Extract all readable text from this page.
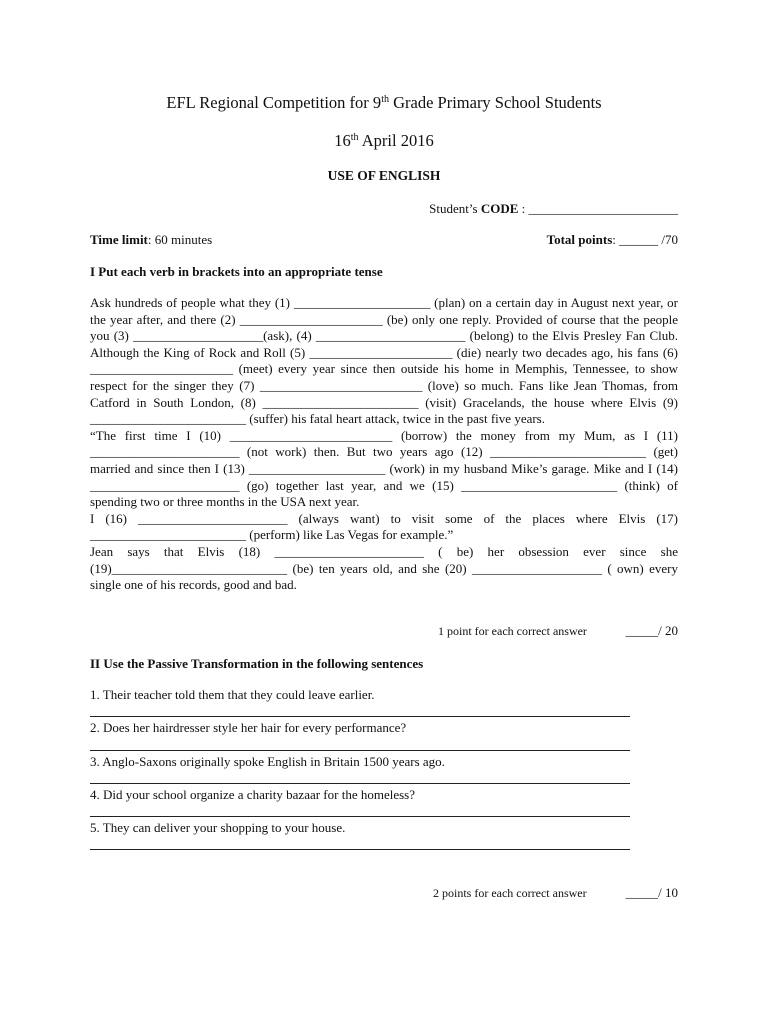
EFL Regional Competition for 9th Grade Primary School Students
16th April 2016
USE OF ENGLISH
Student’s CODE : _______________________
Time limit: 60 minutes	Total points: ______ /70
I Put each verb in brackets into an appropriate tense

Ask hundreds of people what they (1) _____________________ (plan) on a certain day in August next year, or the year after, and there (2) ______________________ (be) only one reply. Provided of course that the people you (3) ____________________(ask), (4) _______________________ (belong) to the Elvis Presley Fan Club. Although the King of Rock and Roll (5) ______________________ (die) nearly two decades ago, his fans (6) ______________________ (meet) every year since then outside his home in Memphis, Tennessee, to show respect for the singer they (7) _________________________ (love) so much. Fans like Jean Thomas, from Catford in South London, (8) ________________________ (visit) Gracelands, the house where Elvis (9) ________________________ (suffer) his fatal heart attack, twice in the past five years.

“The first time I (10) _________________________ (borrow) the money from my Mum, as I (11) _______________________ (not work) then. But two years ago (12) ________________________ (get) married and since then I (13) _____________________ (work) in my husband Mike’s garage. Mike and I (14) _______________________ (go) together last year, and we (15) ________________________ (think) of spending two or three months in the USA next year.

I (16) _______________________ (always want) to visit some of the places where Elvis (17) ________________________ (perform) like Las Vegas for example.”

Jean says that Elvis (18) _______________________ ( be) her obsession ever since she (19)___________________________ (be) ten years old, and she (20) ____________________ ( own) every single one of his records, good and bad.

1 point for each correct answer	_____/ 20
II Use the Passive Transformation in the following sentences
1. Their teacher told them that they could leave earlier.
2. Does her hairdresser style her hair for every performance?
3. Anglo-Saxons originally spoke English in Britain 1500 years ago.
4. Did your school organize a charity bazaar for the homeless?
5. They can deliver your shopping to your house.
2 points for each correct answer	_____/ 10
